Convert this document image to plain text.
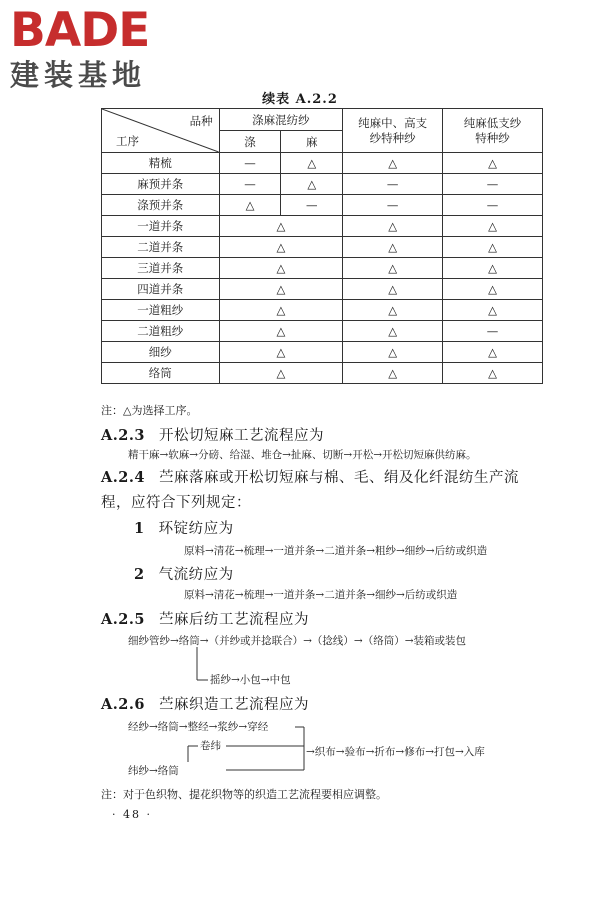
BADE
建装基地
续表 A.2.2
品种
工序	涤麻混纺纱		纯麻中、高支纱特种纱	纯麻低支纱特种纱
	涤	麻		
精梳	—	△	△	△
麻预并条	—	△	—	—
涤预并条	△	—	—	—
一道并条	△		△	△
二道并条	△		△	△
三道并条	△		△	△
四道并条	△		△	△
一道粗纱	△		△	△
二道粗纱	△		△	—
细纱	△		△	△
络筒	△		△	△
注：△为选择工序。
A.2.3 开松切短麻工艺流程应为
精干麻→软麻→分磅、给湿、堆仓→扯麻、切断→开松→开松切短麻供纺麻。
A.2.4 苎麻落麻或开松切短麻与棉、毛、绢及化纤混纺生产流
程，应符合下列规定：
1 环锭纺应为
原料→清花→梳理→一道并条→二道并条→粗纱→细纱→后纺或织造
2 气流纺应为
原料→清花→梳理→一道并条→二道并条→细纱→后纺或织造
A.2.5 苎麻后纺工艺流程应为
细纱管纱→络筒→（并纱或并捻联合）→（捻线）→（络筒）→装箱或装包
摇纱→小包→中包
A.2.6 苎麻织造工艺流程应为
经纱→络筒→整经→浆纱→穿经
卷纬	→织布→验布→折布→修布→打包→入库
纬纱→络筒
注：对于色织物、提花织物等的织造工艺流程要相应调整。
· 48 ·
